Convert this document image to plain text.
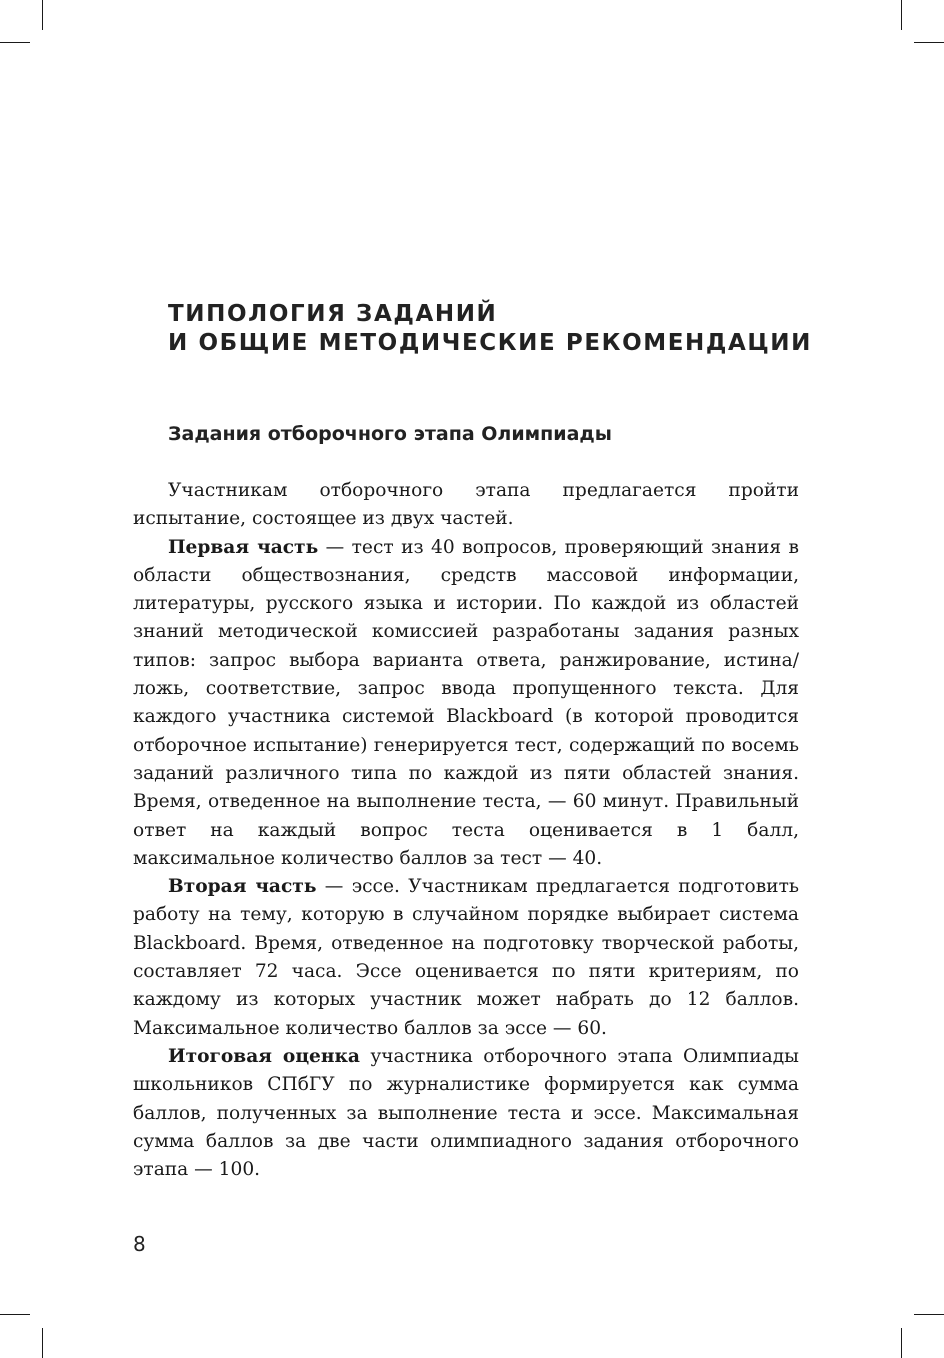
ТИПОЛОГИЯ ЗАДАНИЙ
И ОБЩИЕ МЕТОДИЧЕСКИЕ РЕКОМЕНДАЦИИ
Задания отборочного этапа Олимпиады

Участникам отборочного этапа предлагается пройти испытание, состоящее из двух частей.

Первая часть — тест из 40 вопросов, проверяющий знания в области обществознания, средств массовой информации, литературы, русского языка и истории. По каждой из областей знаний методической комиссией разработаны задания разных типов: запрос выбора варианта ответа, ранжирование, истина/ложь, соответствие, запрос ввода пропущенного текста. Для каждого участника системой Blackboard (в которой проводится отборочное испытание) генерируется тест, содержащий по восемь заданий различного типа по каждой из пяти областей знания. Время, отведенное на выполнение теста, — 60 минут. Правильный ответ на каждый вопрос теста оценивается в 1 балл, максимальное количество баллов за тест — 40.

Вторая часть — эссе. Участникам предлагается подготовить работу на тему, которую в случайном порядке выбирает система Blackboard. Время, отведенное на подготовку творческой работы, составляет 72 часа. Эссе оценивается по пяти критериям, по каждому из которых участник может набрать до 12 баллов. Максимальное количество баллов за эссе — 60.

Итоговая оценка участника отборочного этапа Олимпиады школьников СПбГУ по журналистике формируется как сумма баллов, полученных за выполнение теста и эссе. Максимальная сумма баллов за две части олимпиадного задания отборочного этапа — 100.

8
